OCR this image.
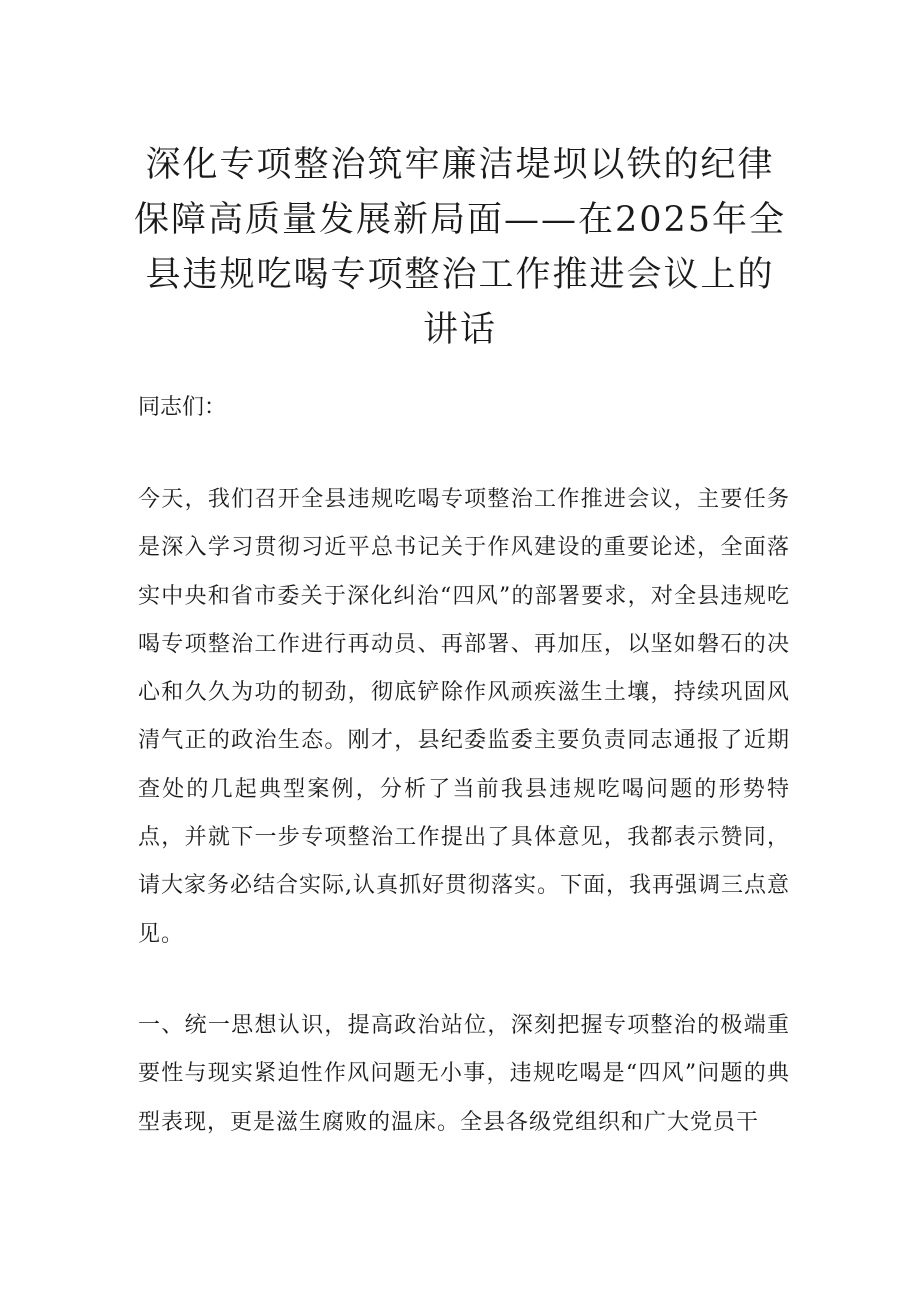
深化专项整治筑牢廉洁堤坝以铁的纪律保障高质量发展新局面——在2025年全县违规吃喝专项整治工作推进会议上的讲话

同志们：

今天，我们召开全县违规吃喝专项整治工作推进会议，主要任务是深入学习贯彻习近平总书记关于作风建设的重要论述，全面落实中央和省市委关于深化纠治“四风”的部署要求，对全县违规吃喝专项整治工作进行再动员、再部署、再加压，以坚如磐石的决心和久久为功的韧劲，彻底铲除作风顽疾滋生土壤，持续巩固风清气正的政治生态。刚才，县纪委监委主要负责同志通报了近期查处的几起典型案例，分析了当前我县违规吃喝问题的形势特点，并就下一步专项整治工作提出了具体意见，我都表示赞同，请大家务必结合实际,认真抓好贯彻落实。下面，我再强调三点意见。

一、统一思想认识，提高政治站位，深刻把握专项整治的极端重要性与现实紧迫性作风问题无小事，违规吃喝是“四风”问题的典型表现，更是滋生腐败的温床。全县各级党组织和广大党员干
